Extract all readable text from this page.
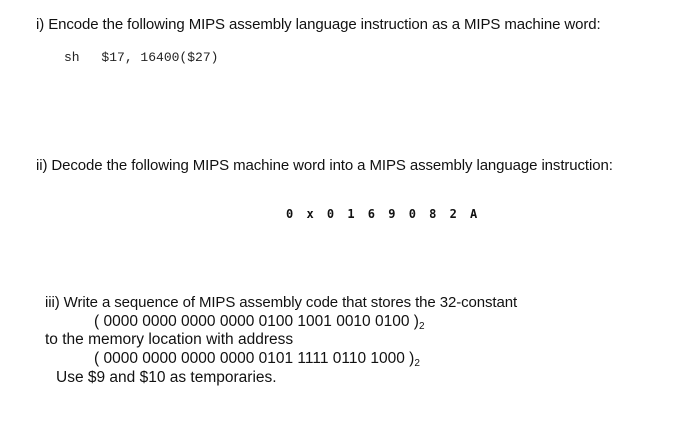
i) Encode the following MIPS assembly language instruction as a MIPS machine word:
sh $17, 16400($27)
ii) Decode the following MIPS machine word into a MIPS assembly language instruction:
0 x 0 1 6 9 0 8 2 A
iii) Write a sequence of MIPS assembly code that stores the 32-constant
( 0000 0000 0000 0000 0100 1001 0010 0100 )2
to the memory location with address
( 0000 0000 0000 0000 0101 1111 0110 1000 )2
Use $9 and $10 as temporaries.
